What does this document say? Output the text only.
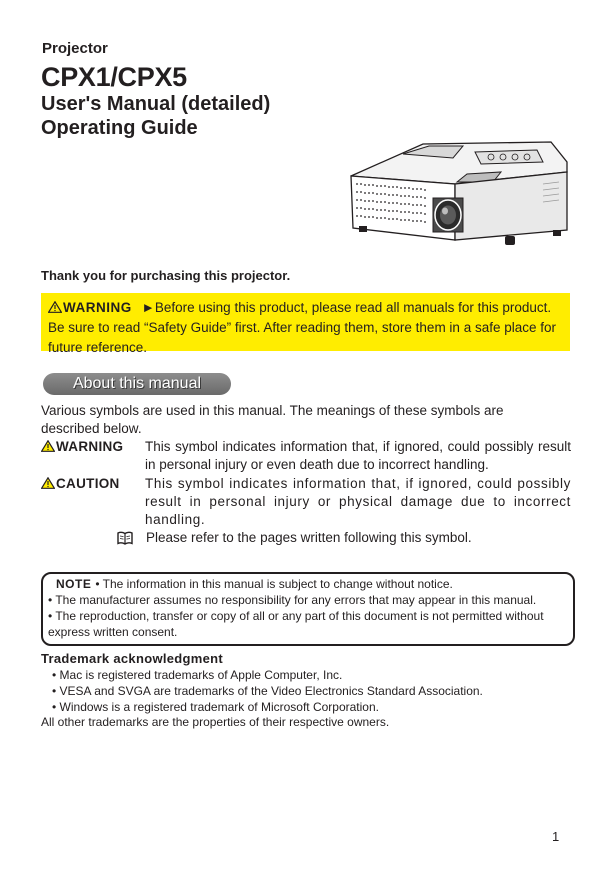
Projector
CPX1/CPX5
User's Manual (detailed)
Operating Guide
Thank you for purchasing this projector.
WARNING ►Before using this product, please read all manuals for this product. Be sure to read “Safety Guide” first. After reading them, store them in a safe place for future reference.
About this manual
Various symbols are used in this manual. The meanings of these symbols are described below.
WARNING This symbol indicates information that, if ignored, could possibly result in personal injury or even death due to incorrect handling.
CAUTION This symbol indicates information that, if ignored, could possibly result in personal injury or physical damage due to incorrect handling.
Please refer to the pages written following this symbol.
NOTE • The information in this manual is subject to change without notice.
• The manufacturer assumes no responsibility for any errors that may appear in this manual.
• The reproduction, transfer or copy of all or any part of this document is not permitted without express written consent.
Trademark acknowledgment
• Mac is registered trademarks of Apple Computer, Inc.
• VESA and SVGA are trademarks of the Video Electronics Standard Association.
• Windows is a registered trademark of Microsoft Corporation.
All other trademarks are the properties of their respective owners.
1
